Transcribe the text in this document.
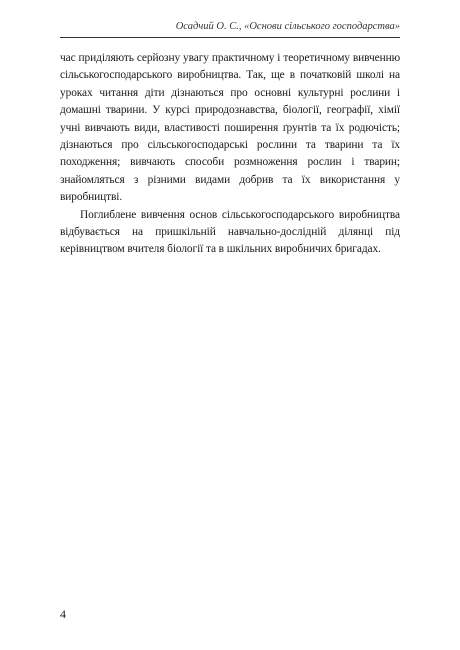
Осадчий О. С., «Основи сільського господарства»

час приділяють серйозну увагу практичному і теоретичному вивченню сільськогосподарського виробництва. Так, ще в початковій школі на уроках читання діти дізнаються про основні культурні рослини і домашні тварини. У курсі природознавства, біології, географії, хімії учні вивчають види, властивості поширення ґрунтів та їх родючість; дізнаються про сільськогосподарські рослини та тварини та їх походження; вивчають способи розмноження рослин і тварин; знайомляться з різними видами добрив та їх використання у виробництві.

Поглиблене вивчення основ сільськогосподарського виробництва відбувається на пришкільній навчально-дослідній ділянці під керівництвом вчителя біології та в шкільних виробничих бригадах.

4
